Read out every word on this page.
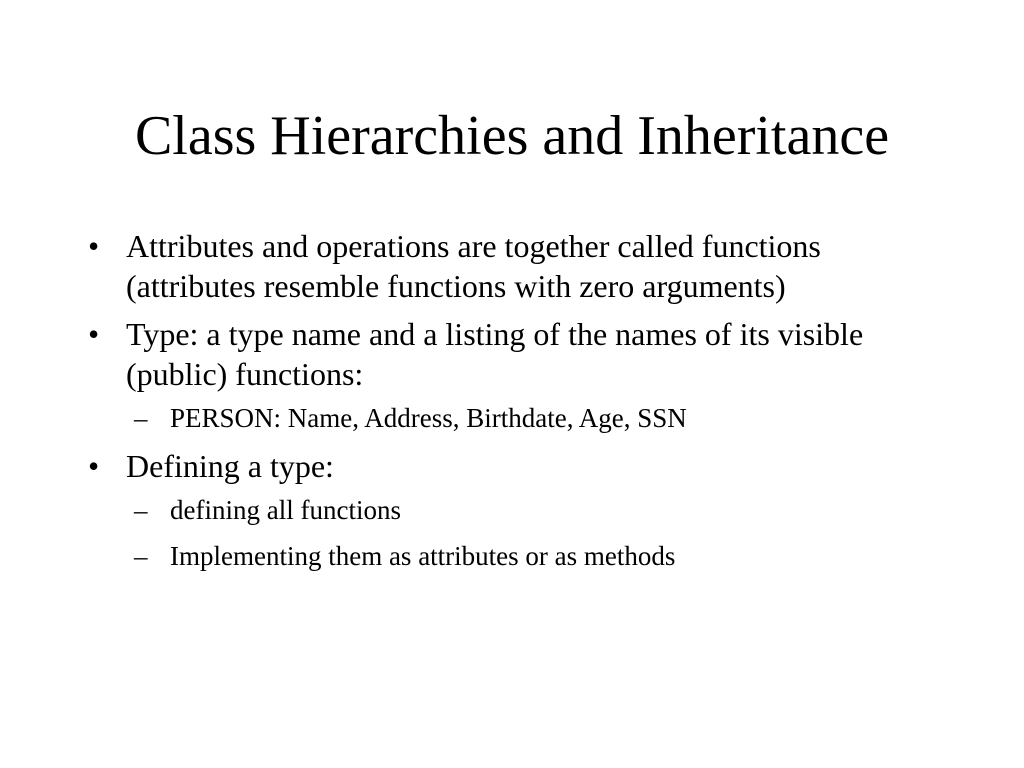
Class Hierarchies and Inheritance
• Attributes and operations are together called functions (attributes resemble functions with zero arguments)
• Type: a type name and a listing of the names of its visible (public) functions:
– PERSON: Name, Address, Birthdate, Age, SSN
• Defining a type:
– defining all functions
– Implementing them as attributes or as methods
